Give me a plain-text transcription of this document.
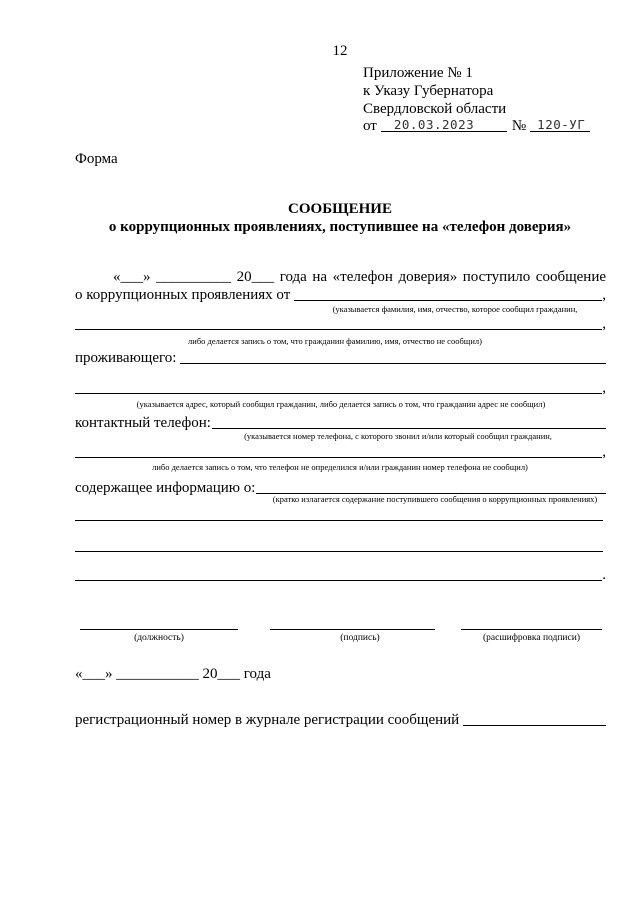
12
Приложение № 1
к Указу Губернатора
Свердловской области
от	20.03.2023	№ 120-УГ
Форма
СООБЩЕНИЕ
о коррупционных проявлениях, поступившее на «телефон доверия»
«___» __________ 20___ года на «телефон доверия» поступило сообщение
о коррупционных проявлениях от	,
(указывается фамилия, имя, отчество, которое сообщил гражданин,
,
либо делается запись о том, что гражданин фамилию, имя, отчество не сообщил)
проживающего:
,
(указывается адрес, который сообщил гражданин, либо делается запись о том, что гражданин адрес не сообщил)
контактный телефон:
(указывается номер телефона, с которого звонил и/или который сообщил гражданин,
,
либо делается запись о том, что телефон не определился и/или гражданин номер телефона не сообщил)
содержащее информацию о:
(кратко излагается содержание поступившего сообщения о коррупционных проявлениях)
.
(должность)	(подпись)	(расшифровка подписи)
«___» ___________ 20___ года
регистрационный номер в журнале регистрации сообщений
